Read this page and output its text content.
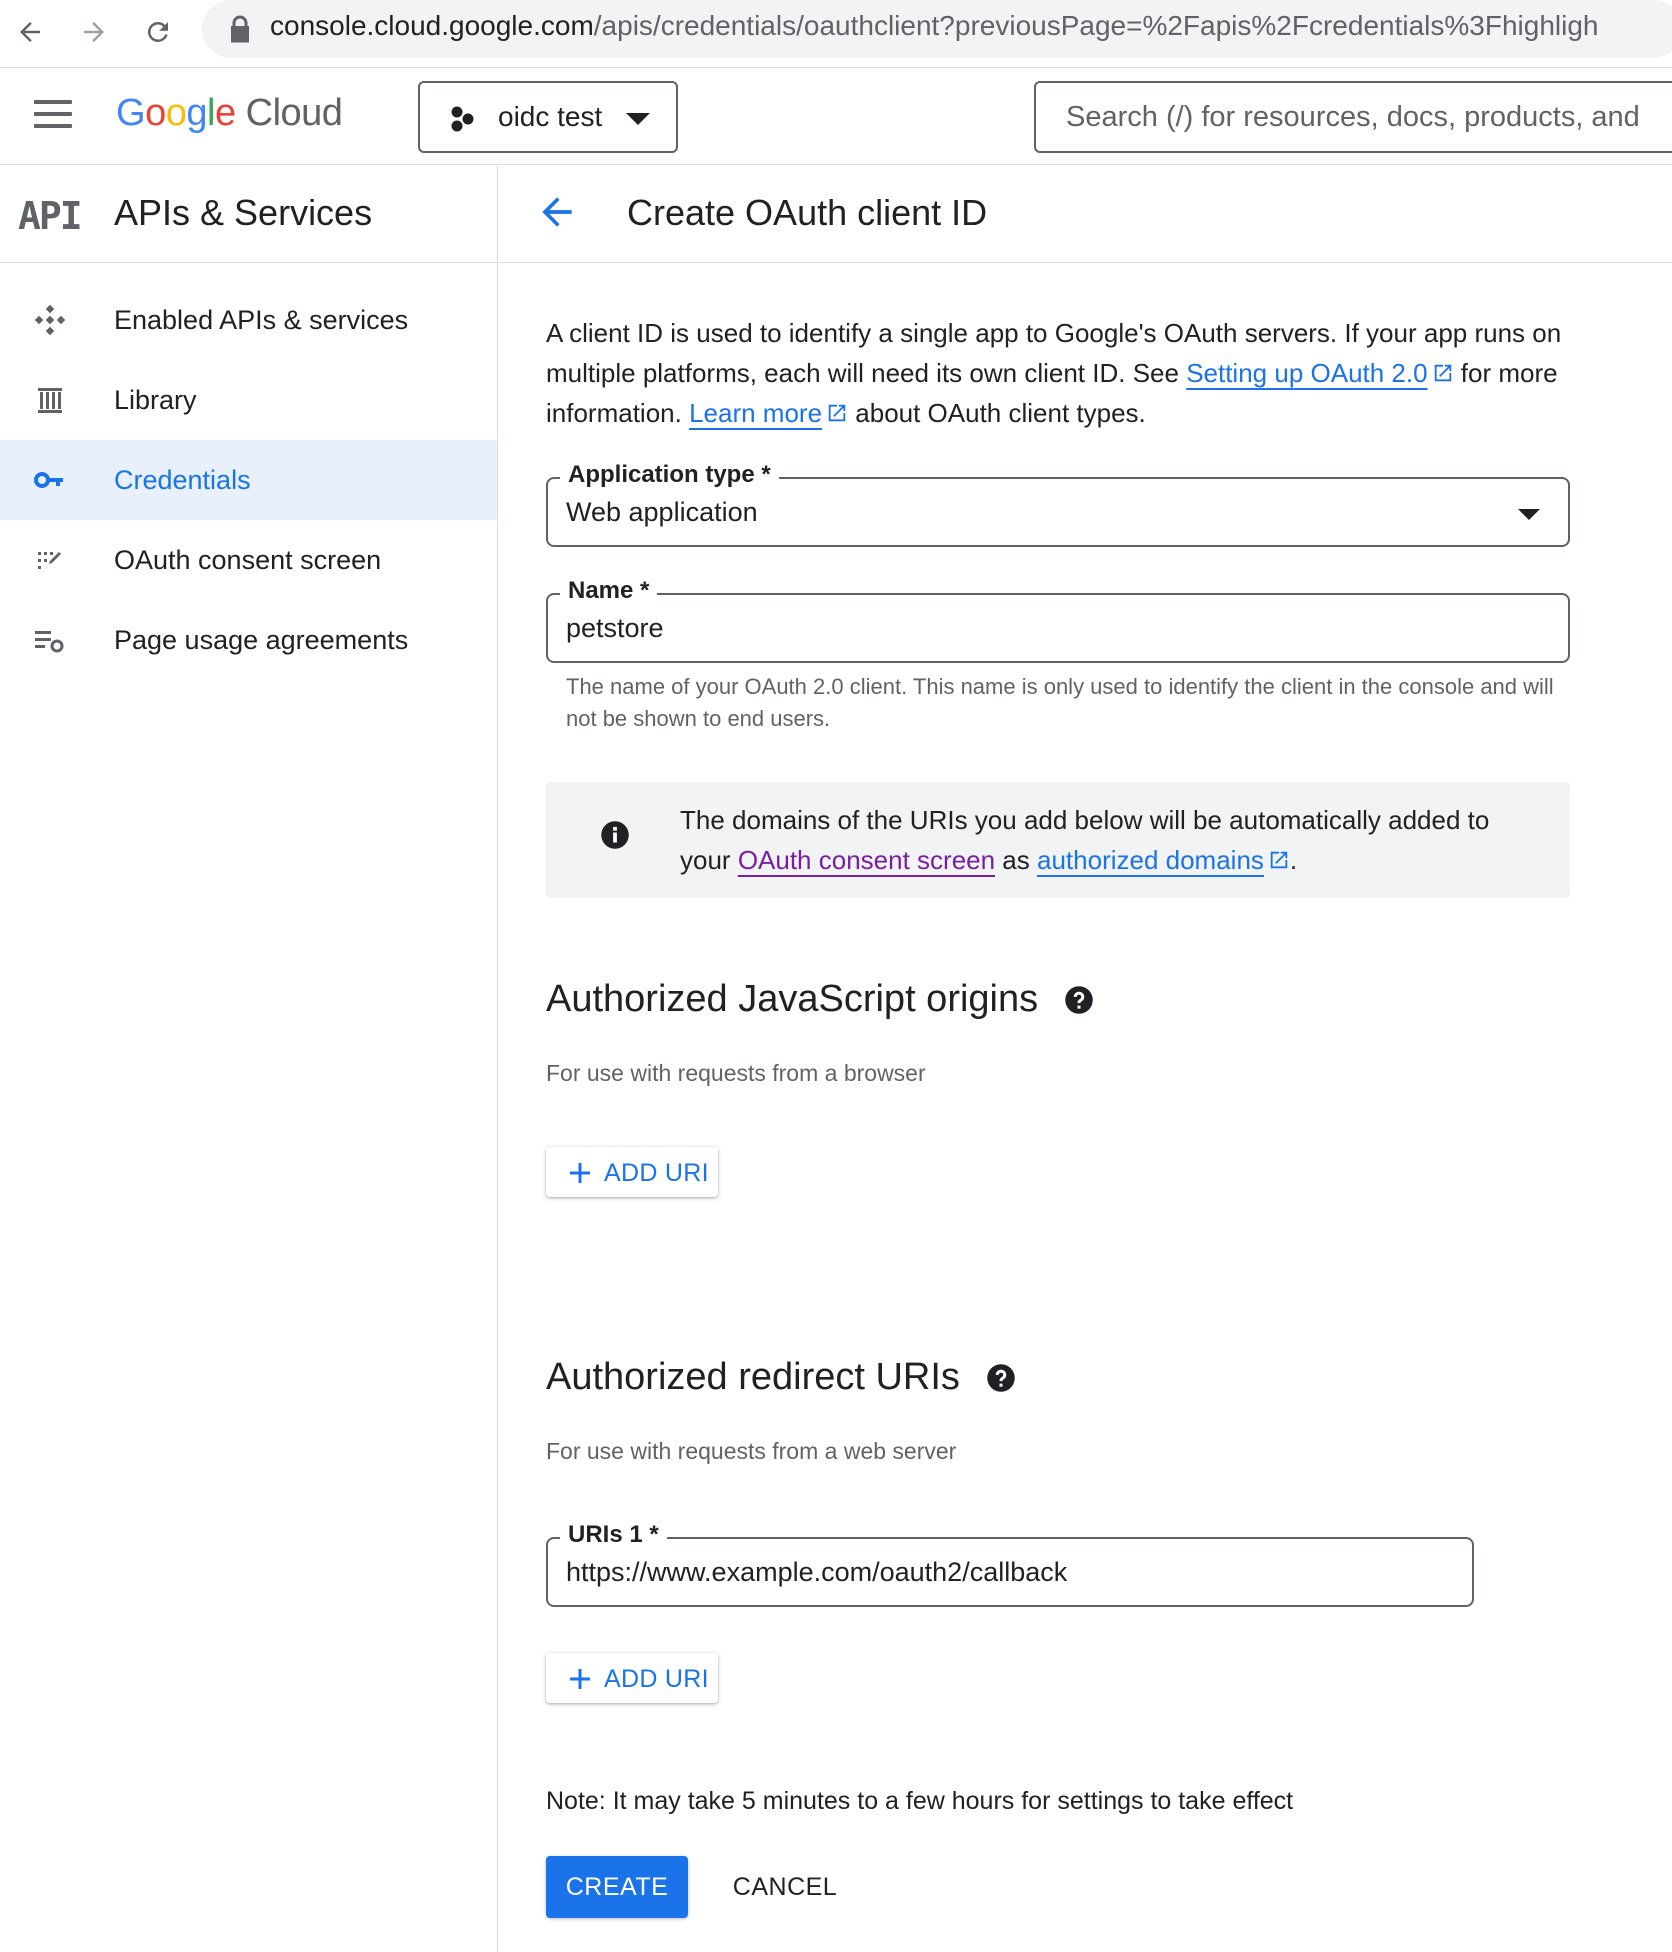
console.cloud.google.com/apis/credentials/oauthclient?previousPage=%2Fapis%2Fcredentials%3Fhighligh
Google Cloud	oidc test
Search (/) for resources, docs, products, and
API APIs & Services
Enabled APIs & services
Library
Credentials
OAuth consent screen
Page usage agreements
Create OAuth client ID
A client ID is used to identify a single app to Google's OAuth servers. If your app runs on multiple platforms, each will need its own client ID. See Setting up OAuth 2.0 for more information. Learn more about OAuth client types.
Application type *
Web application
Name *
petstore
The name of your OAuth 2.0 client. This name is only used to identify the client in the console and will not be shown to end users.
The domains of the URIs you add below will be automatically added to your OAuth consent screen as authorized domains .
Authorized JavaScript origins
For use with requests from a browser
ADD URI
Authorized redirect URIs
For use with requests from a web server
URIs 1 *
https://www.example.com/oauth2/callback
ADD URI
Note: It may take 5 minutes to a few hours for settings to take effect
CREATE	CANCEL
